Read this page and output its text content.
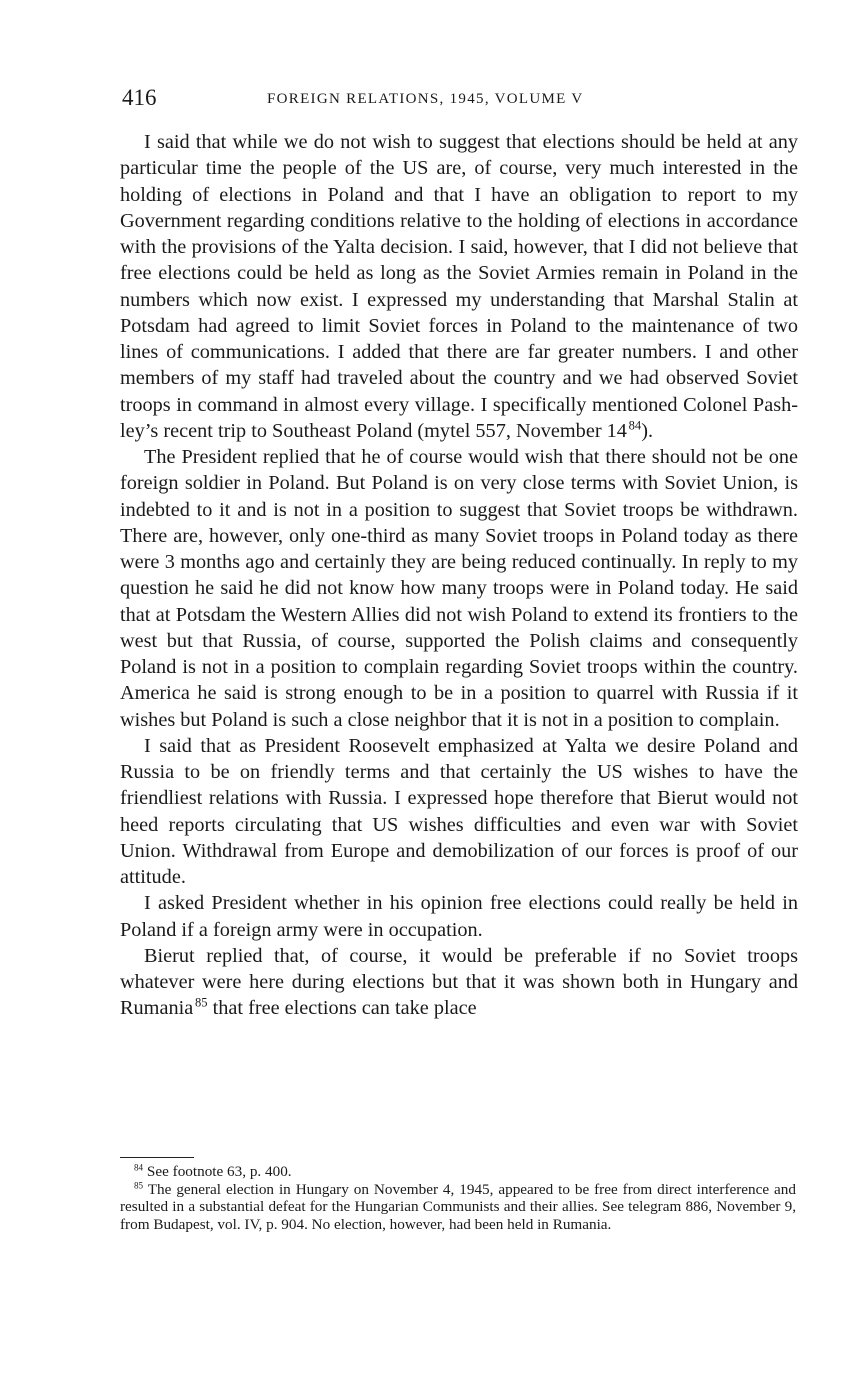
416	FOREIGN RELATIONS, 1945, VOLUME V

I said that while we do not wish to suggest that elections should be held at any particular time the people of the US are, of course, very much interested in the holding of elections in Poland and that I have an obligation to report to my Government regarding conditions relative to the holding of elections in accordance with the provisions of the Yalta decision. I said, however, that I did not believe that free elections could be held as long as the Soviet Armies remain in Poland in the numbers which now exist. I expressed my understanding that Marshal Stalin at Potsdam had agreed to limit Soviet forces in Poland to the maintenance of two lines of communications. I added that there are far greater numbers. I and other members of my staff had traveled about the country and we had observed Soviet troops in command in almost every village. I specifically mentioned Colonel Pashley’s recent trip to Southeast Poland (mytel 557, November 14  $^{84}$).

The President replied that he of course would wish that there should not be one foreign soldier in Poland. But Poland is on very close terms with Soviet Union, is indebted to it and is not in a position to suggest that Soviet troops be withdrawn. There are, however, only one-third as many Soviet troops in Poland today as there were 3 months ago and certainly they are being reduced continually. In reply to my question he said he did not know how many troops were in Poland today. He said that at Potsdam the Western Allies did not wish Poland to extend its frontiers to the west but that Russia, of course, supported the Polish claims and consequently Poland is not in a position to complain regarding Soviet troops within the country. America he said is strong enough to be in a position to quarrel with Russia if it wishes but Poland is such a close neighbor that it is not in a position to complain.

I said that as President Roosevelt emphasized at Yalta we desire Poland and Russia to be on friendly terms and that certainly the US wishes to have the friendliest relations with Russia. I expressed hope therefore that Bierut would not heed reports circulating that US wishes difficulties and even war with Soviet Union. Withdrawal from Europe and demobilization of our forces is proof of our attitude.

I asked President whether in his opinion free elections could really be held in Poland if a foreign army were in occupation.

Bierut replied that, of course, it would be preferable if no Soviet troops whatever were here during elections but that it was shown both in Hungary and Rumania  $^{85}$ that free elections can take place

$^{84}$ See footnote 63, p. 400.

$^{85}$ The general election in Hungary on November 4, 1945, appeared to be free from direct interference and resulted in a substantial defeat for the Hungarian Communists and their allies. See telegram 886, November 9, from Budapest, vol. IV, p. 904. No election, however, had been held in Rumania.
